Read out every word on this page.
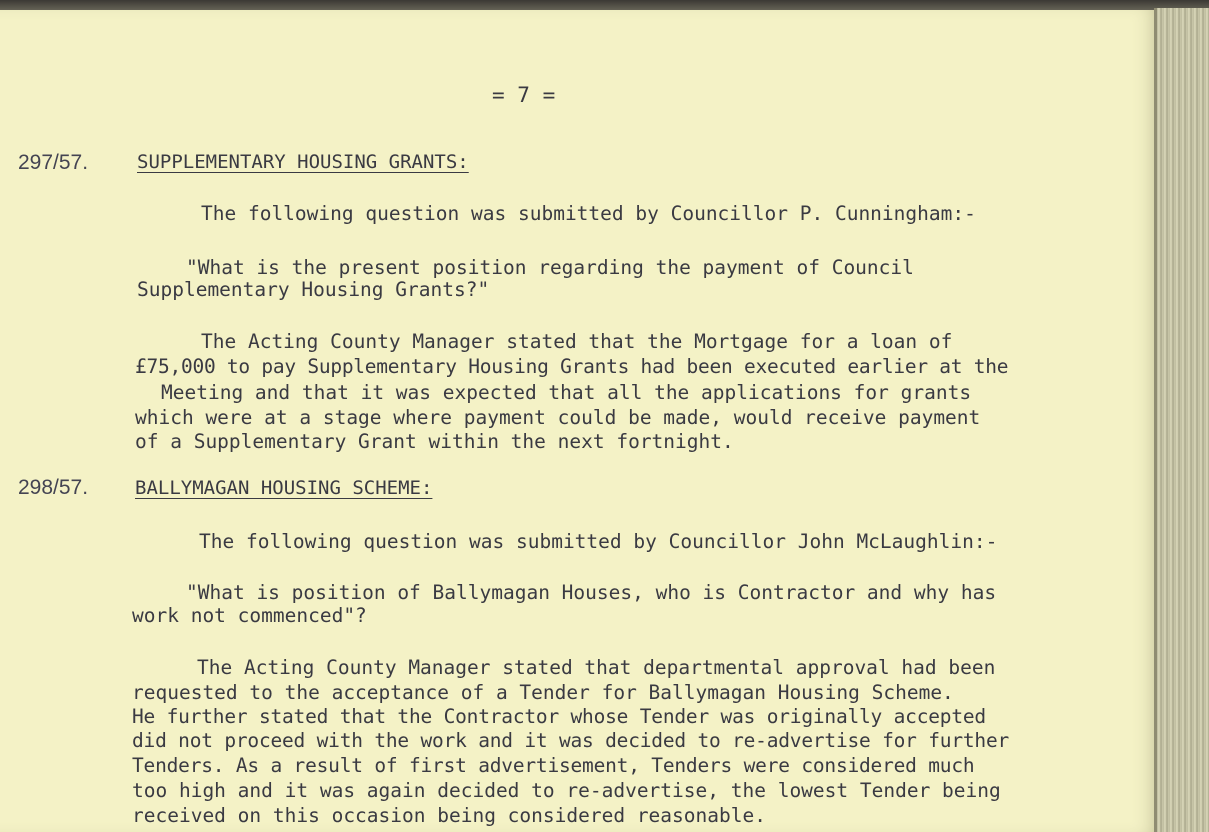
= 7 =
297/57.	SUPPLEMENTARY HOUSING GRANTS:
The following question was submitted by Councillor P. Cunningham:-
"What is the present position regarding the payment of Council
Supplementary Housing Grants?"
The Acting County Manager stated that the Mortgage for a loan of
£75,000 to pay Supplementary Housing Grants had been executed earlier at the
Meeting and that it was expected that all the applications for grants
which were at a stage where payment could be made, would receive payment
of a Supplementary Grant within the next fortnight.
298/57. BALLYMAGAN HOUSING SCHEME:
The following question was submitted by Councillor John McLaughlin:-
"What is position of Ballymagan Houses, who is Contractor and why has
work not commenced"?
The Acting County Manager stated that departmental approval had been
requested to the acceptance of a Tender for Ballymagan Housing Scheme.
He further stated that the Contractor whose Tender was originally accepted
did not proceed with the work and it was decided to re-advertise for further
Tenders. As a result of first advertisement, Tenders were considered much
too high and it was again decided to re-advertise, the lowest Tender being
received on this occasion being considered reasonable.
